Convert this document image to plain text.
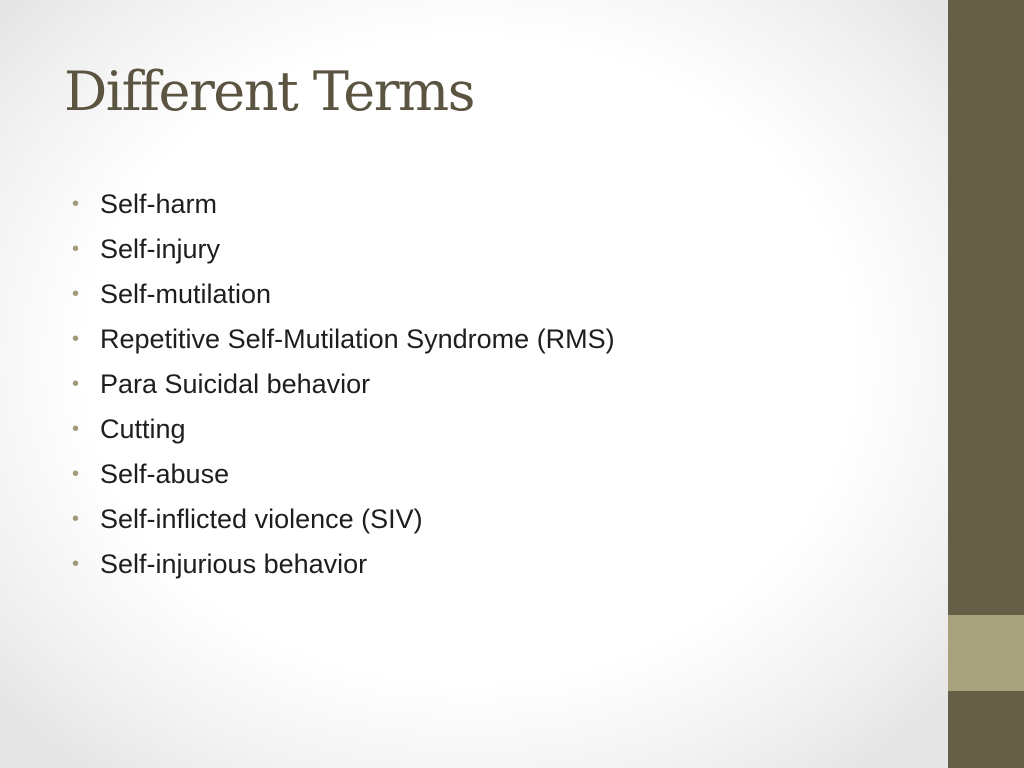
Different Terms
• Self-harm
• Self-injury
• Self-mutilation
• Repetitive Self-Mutilation Syndrome (RMS)
• Para Suicidal behavior
• Cutting
• Self-abuse
• Self-inflicted violence (SIV)
• Self-injurious behavior
